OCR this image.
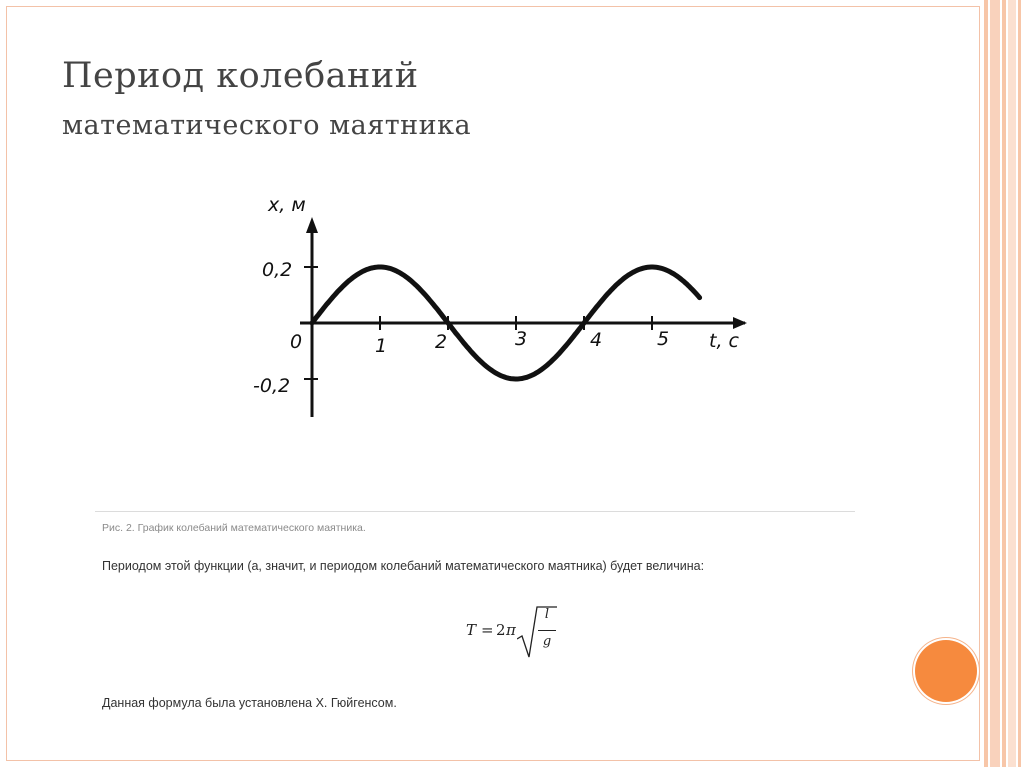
Период колебаний
математического маятника
x, м
t, c
0
0,2
-0,2
1	2	3	4	5
Рис. 2. График колебаний математического маятника.
Периодом этой функции (а, значит, и периодом колебаний математического маятника) будет величина:
T = 2 π
l
g
Данная формула была установлена Х. Гюйгенсом.
